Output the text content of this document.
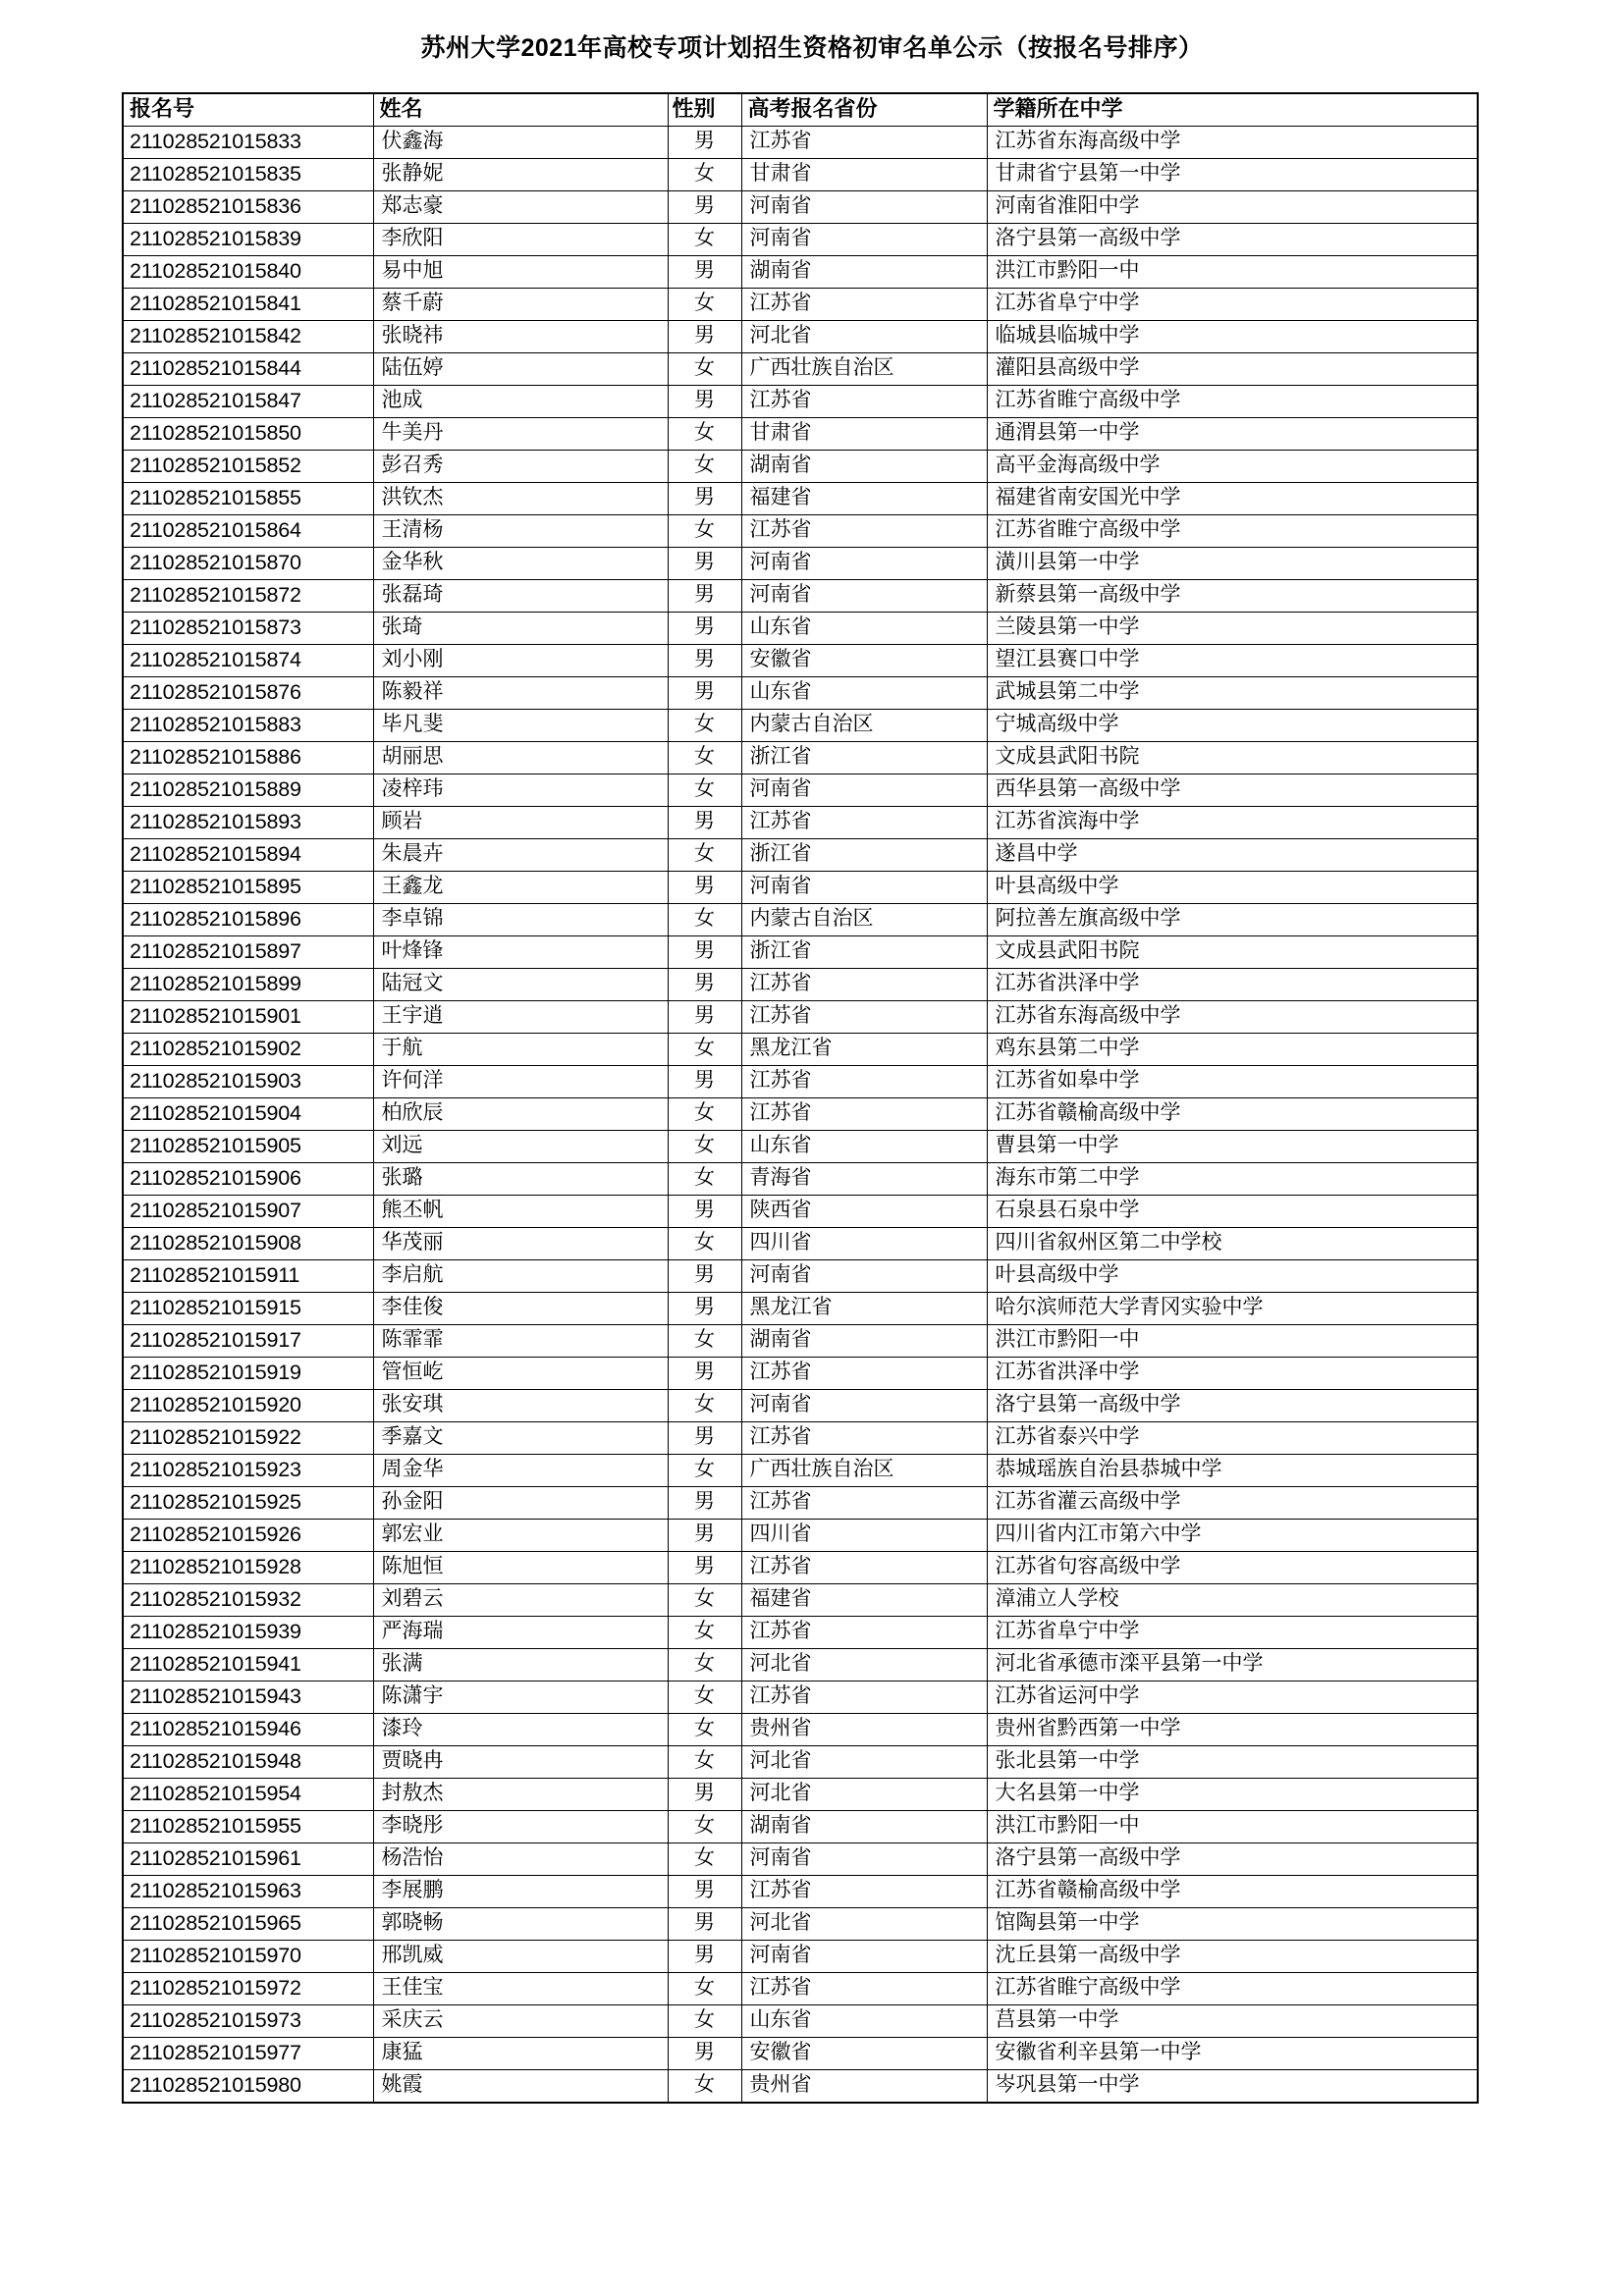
苏州大学2021年高校专项计划招生资格初审名单公示（按报名号排序）
报名号	姓名	性别	高考报名省份	学籍所在中学
211028521015833	伏鑫海	男	江苏省	江苏省东海高级中学
211028521015835	张静妮	女	甘肃省	甘肃省宁县第一中学
211028521015836	郑志豪	男	河南省	河南省淮阳中学
211028521015839	李欣阳	女	河南省	洛宁县第一高级中学
211028521015840	易中旭	男	湖南省	洪江市黔阳一中
211028521015841	蔡千蔚	女	江苏省	江苏省阜宁中学
211028521015842	张晓祎	男	河北省	临城县临城中学
211028521015844	陆伍婷	女	广西壮族自治区	灌阳县高级中学
211028521015847	池成	男	江苏省	江苏省睢宁高级中学
211028521015850	牛美丹	女	甘肃省	通渭县第一中学
211028521015852	彭召秀	女	湖南省	高平金海高级中学
211028521015855	洪钦杰	男	福建省	福建省南安国光中学
211028521015864	王清杨	女	江苏省	江苏省睢宁高级中学
211028521015870	金华秋	男	河南省	潢川县第一中学
211028521015872	张磊琦	男	河南省	新蔡县第一高级中学
211028521015873	张琦	男	山东省	兰陵县第一中学
211028521015874	刘小刚	男	安徽省	望江县赛口中学
211028521015876	陈毅祥	男	山东省	武城县第二中学
211028521015883	毕凡斐	女	内蒙古自治区	宁城高级中学
211028521015886	胡丽思	女	浙江省	文成县武阳书院
211028521015889	凌梓玮	女	河南省	西华县第一高级中学
211028521015893	顾岩	男	江苏省	江苏省滨海中学
211028521015894	朱晨卉	女	浙江省	遂昌中学
211028521015895	王鑫龙	男	河南省	叶县高级中学
211028521015896	李卓锦	女	内蒙古自治区	阿拉善左旗高级中学
211028521015897	叶烽锋	男	浙江省	文成县武阳书院
211028521015899	陆冠文	男	江苏省	江苏省洪泽中学
211028521015901	王宇逍	男	江苏省	江苏省东海高级中学
211028521015902	于航	女	黑龙江省	鸡东县第二中学
211028521015903	许何洋	男	江苏省	江苏省如皋中学
211028521015904	柏欣辰	女	江苏省	江苏省赣榆高级中学
211028521015905	刘远	女	山东省	曹县第一中学
211028521015906	张璐	女	青海省	海东市第二中学
211028521015907	熊丕帆	男	陕西省	石泉县石泉中学
211028521015908	华茂丽	女	四川省	四川省叙州区第二中学校
211028521015911	李启航	男	河南省	叶县高级中学
211028521015915	李佳俊	男	黑龙江省	哈尔滨师范大学青冈实验中学
211028521015917	陈霏霏	女	湖南省	洪江市黔阳一中
211028521015919	管恒屹	男	江苏省	江苏省洪泽中学
211028521015920	张安琪	女	河南省	洛宁县第一高级中学
211028521015922	季嘉文	男	江苏省	江苏省泰兴中学
211028521015923	周金华	女	广西壮族自治区	恭城瑶族自治县恭城中学
211028521015925	孙金阳	男	江苏省	江苏省灌云高级中学
211028521015926	郭宏业	男	四川省	四川省内江市第六中学
211028521015928	陈旭恒	男	江苏省	江苏省句容高级中学
211028521015932	刘碧云	女	福建省	漳浦立人学校
211028521015939	严海瑞	女	江苏省	江苏省阜宁中学
211028521015941	张满	女	河北省	河北省承德市滦平县第一中学
211028521015943	陈潇宇	女	江苏省	江苏省运河中学
211028521015946	漆玲	女	贵州省	贵州省黔西第一中学
211028521015948	贾晓冉	女	河北省	张北县第一中学
211028521015954	封敖杰	男	河北省	大名县第一中学
211028521015955	李晓彤	女	湖南省	洪江市黔阳一中
211028521015961	杨浩怡	女	河南省	洛宁县第一高级中学
211028521015963	李展鹏	男	江苏省	江苏省赣榆高级中学
211028521015965	郭晓畅	男	河北省	馆陶县第一中学
211028521015970	邢凯威	男	河南省	沈丘县第一高级中学
211028521015972	王佳宝	女	江苏省	江苏省睢宁高级中学
211028521015973	采庆云	女	山东省	莒县第一中学
211028521015977	康猛	男	安徽省	安徽省利辛县第一中学
211028521015980	姚霞	女	贵州省	岑巩县第一中学
